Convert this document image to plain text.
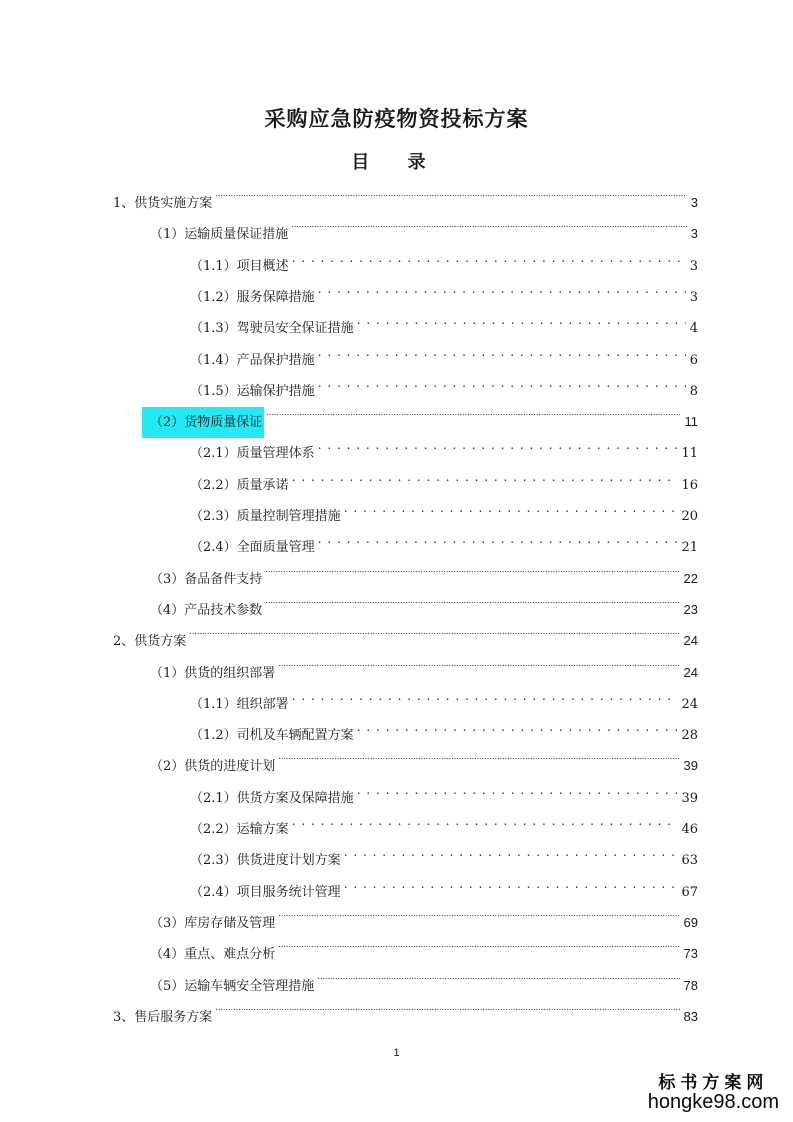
采购应急防疫物资投标方案
目 录
1、供货实施方案 .....	3
（1）运输质量保证措施 .....	3
（1.1）项目概述 . . .	3
（1.2）服务保障措施 . . .	3
（1.3）驾驶员安全保证措施 . . .	4
（1.4）产品保护措施 . . .	6
（1.5）运输保护措施 . . .	8
（2）货物质量保证 .....	11
（2.1）质量管理体系 . . .	11
（2.2）质量承诺 . . .	16
（2.3）质量控制管理措施 . . .	20
（2.4）全面质量管理 . . .	21
（3）备品备件支持 .....	22
（4）产品技术参数 .....	23
2、供货方案 .....	24
（1）供货的组织部署 .....	24
（1.1）组织部署 . . .	24
（1.2）司机及车辆配置方案 . . .	28
（2）供货的进度计划 .....	39
（2.1）供货方案及保障措施 . . .	39
（2.2）运输方案 . . .	46
（2.3）供货进度计划方案 . . .	63
（2.4）项目服务统计管理 . . .	67
（3）库房存储及管理 .....	69
（4）重点、难点分析 .....	73
（5）运输车辆安全管理措施 .....	78
3、售后服务方案 .....	83
1
标书方案网
hongke98.com
